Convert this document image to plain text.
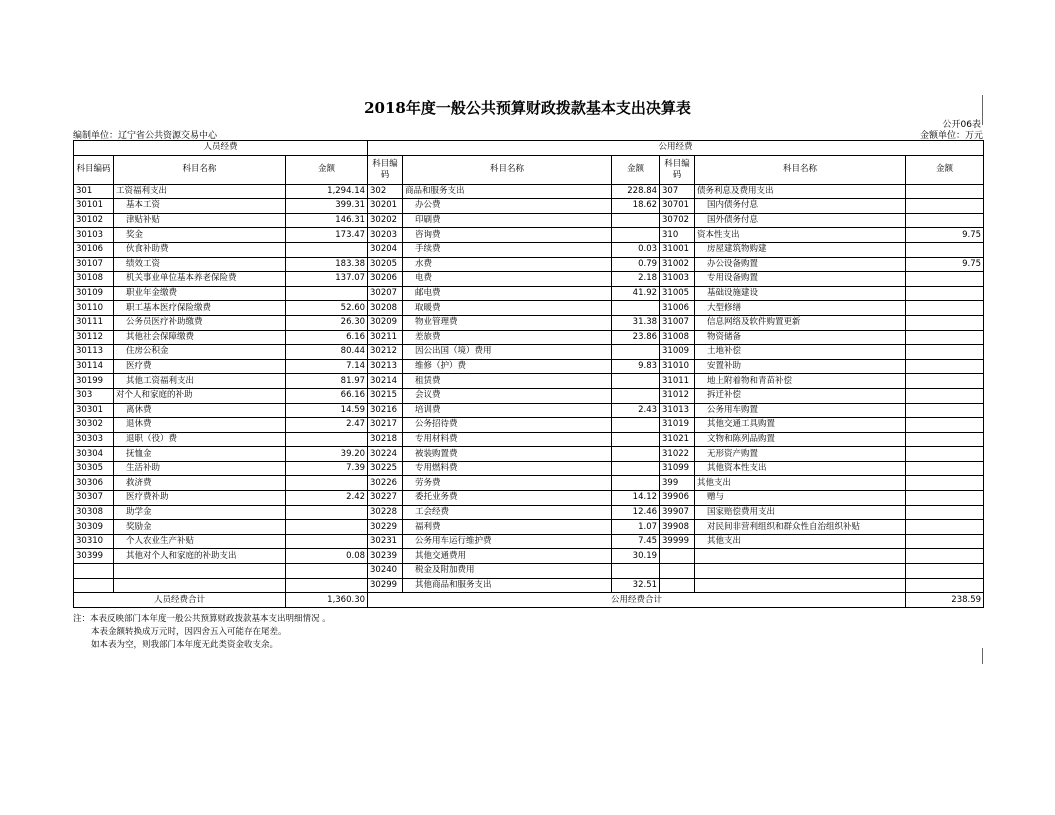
2018年度一般公共预算财政拨款基本支出决算表
公开06表
编制单位：辽宁省公共资源交易中心	金额单位：万元
人员经费			公用经费					
科目编码	科目名称	金额	科目编码	科目名称	金额	科目编码	科目名称	金额
301	工资福利支出	1,294.14	302	商品和服务支出	228.84	307	债务利息及费用支出	
30101	基本工资	399.31	30201	办公费	18.62	30701	国内债务付息	
30102	津贴补贴	146.31	30202	印刷费		30702	国外债务付息	
30103	奖金	173.47	30203	咨询费		310	资本性支出	9.75
30106	伙食补助费		30204	手续费	0.03	31001	房屋建筑物购建	
30107	绩效工资	183.38	30205	水费	0.79	31002	办公设备购置	9.75
30108	机关事业单位基本养老保险费	137.07	30206	电费	2.18	31003	专用设备购置	
30109	职业年金缴费		30207	邮电费	41.92	31005	基础设施建设	
30110	职工基本医疗保险缴费	52.60	30208	取暖费		31006	大型修缮	
30111	公务员医疗补助缴费	26.30	30209	物业管理费	31.38	31007	信息网络及软件购置更新	
30112	其他社会保障缴费	6.16	30211	差旅费	23.86	31008	物资储备	
30113	住房公积金	80.44	30212	因公出国（境）费用		31009	土地补偿	
30114	医疗费	7.14	30213	维修（护）费	9.83	31010	安置补助	
30199	其他工资福利支出	81.97	30214	租赁费		31011	地上附着物和青苗补偿	
303	对个人和家庭的补助	66.16	30215	会议费		31012	拆迁补偿	
30301	离休费	14.59	30216	培训费	2.43	31013	公务用车购置	
30302	退休费	2.47	30217	公务招待费		31019	其他交通工具购置	
30303	退职（役）费		30218	专用材料费		31021	文物和陈列品购置	
30304	抚恤金	39.20	30224	被装购置费		31022	无形资产购置	
30305	生活补助	7.39	30225	专用燃料费		31099	其他资本性支出	
30306	救济费		30226	劳务费		399	其他支出	
30307	医疗费补助	2.42	30227	委托业务费	14.12	39906	赠与	
30308	助学金		30228	工会经费	12.46	39907	国家赔偿费用支出	
30309	奖励金		30229	福利费	1.07	39908	对民间非营利组织和群众性自治组织补贴	
30310	个人农业生产补贴		30231	公务用车运行维护费	7.45	39999	其他支出	
30399	其他对个人和家庭的补助支出	0.08	30239	其他交通费用	30.19			
			30240	税金及附加费用				
			30299	其他商品和服务支出	32.51			
人员经费合计		1,360.30	公用经费合计					238.59
注：本表反映部门本年度一般公共预算财政拨款基本支出明细情况 。
本表金额转换成万元时，因四舍五入可能存在尾差。
如本表为空，则我部门本年度无此类资金收支余。
